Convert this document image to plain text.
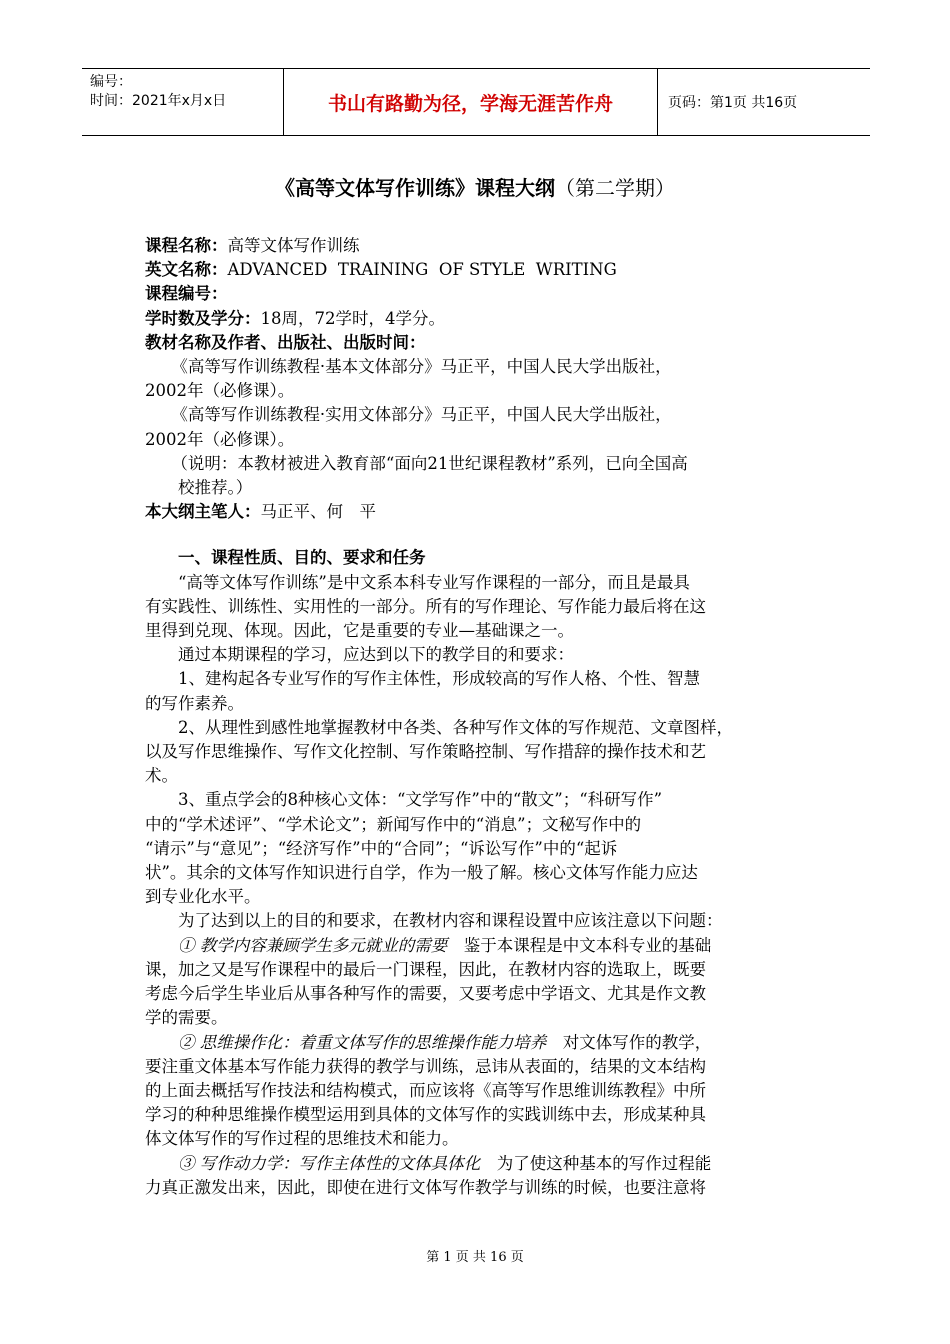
编号：
时间：2021年x月x日	书山有路勤为径，学海无涯苦作舟	页码：第1页 共16页
《高等文体写作训练》课程大纲（第二学期）

课程名称：高等文体写作训练

英文名称：ADVANCED  TRAINING  OF STYLE  WRITING

课程编号：

学时数及学分：18周，72学时，4学分。

教材名称及作者、出版社、出版时间：

《高等写作训练教程·基本文体部分》马正平，中国人民大学出版社，

2002年（必修课）。

《高等写作训练教程·实用文体部分》马正平，中国人民大学出版社，

2002年（必修课）。

（说明：本教材被进入教育部“面向21世纪课程教材”系列，已向全国高

校推荐。）

本大纲主笔人：马正平、何　平

一、课程性质、目的、要求和任务

“高等文体写作训练”是中文系本科专业写作课程的一部分，而且是最具

有实践性、训练性、实用性的一部分。所有的写作理论、写作能力最后将在这

里得到兑现、体现。因此，它是重要的专业—基础课之一。

通过本期课程的学习，应达到以下的教学目的和要求：

1、建构起各专业写作的写作主体性，形成较高的写作人格、个性、智慧

的写作素养。

2、从理性到感性地掌握教材中各类、各种写作文体的写作规范、文章图样，

以及写作思维操作、写作文化控制、写作策略控制、写作措辞的操作技术和艺

术。

3、重点学会的8种核心文体：“文学写作”中的“散文”；“科研写作”

中的“学术述评”、“学术论文”；新闻写作中的“消息”；文秘写作中的

“请示”与“意见”；“经济写作”中的“合同”；“诉讼写作”中的“起诉

状”。其余的文体写作知识进行自学，作为一般了解。核心文体写作能力应达

到专业化水平。

为了达到以上的目的和要求，在教材内容和课程设置中应该注意以下问题：

① 教学内容兼顾学生多元就业的需要　 鉴于本课程是中文本科专业的基础

课，加之又是写作课程中的最后一门课程，因此，在教材内容的选取上，既要

考虑今后学生毕业后从事各种写作的需要，又要考虑中学语文、尤其是作文教

学的需要。

② 思维操作化：着重文体写作的思维操作能力培养　 对文体写作的教学，

要注重文体基本写作能力获得的教学与训练，忌讳从表面的，结果的文本结构

的上面去概括写作技法和结构模式，而应该将《高等写作思维训练教程》中所

学习的种种思维操作模型运用到具体的文体写作的实践训练中去，形成某种具

体文体写作的写作过程的思维技术和能力。

③ 写作动力学：写作主体性的文体具体化　 为了使这种基本的写作过程能

力真正激发出来，因此，即使在进行文体写作教学与训练的时候，也要注意将

第 1 页 共 16 页
